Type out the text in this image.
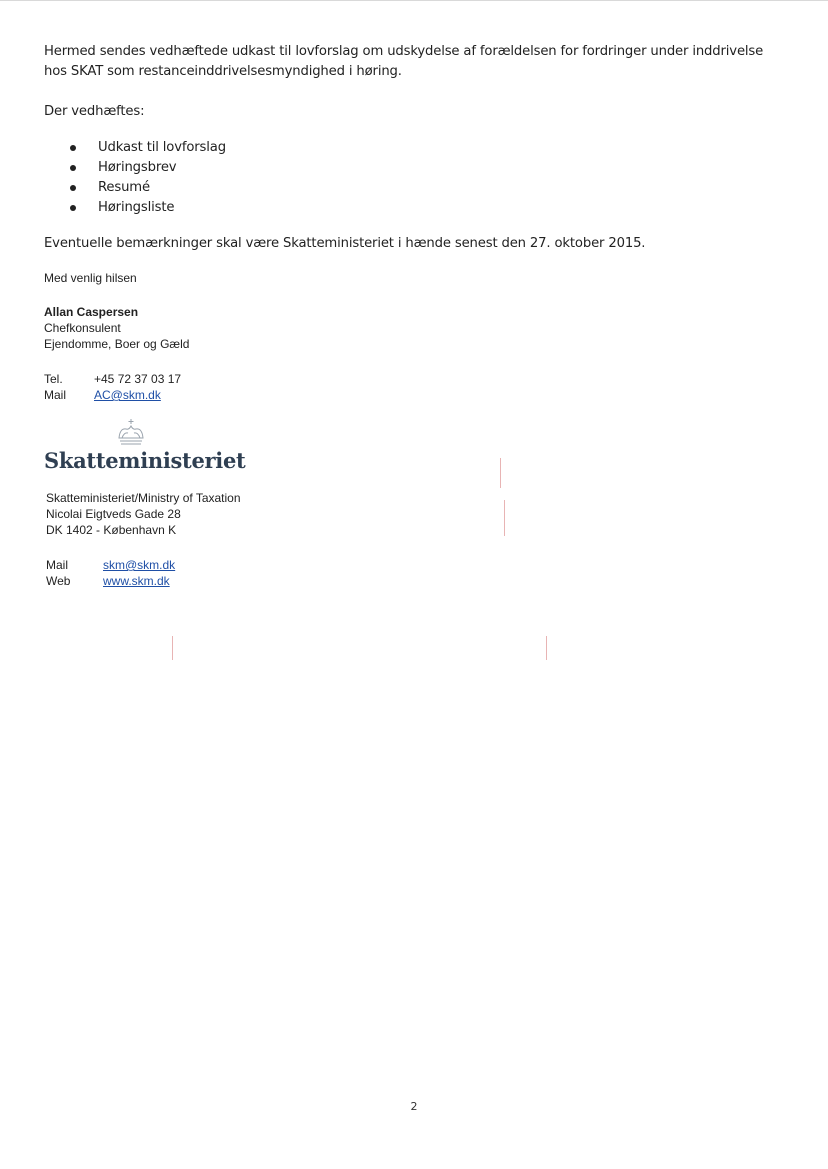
Hermed sendes vedhæftede udkast til lovforslag om udskydelse af forældelsen for fordringer under inddrivelse hos SKAT som restanceinddrivelsesmyndighed i høring.
Der vedhæftes:
Udkast til lovforslag
Høringsbrev
Resumé
Høringsliste
Eventuelle bemærkninger skal være Skatteministeriet i hænde senest den 27. oktober 2015.
Med venlig hilsen
Allan Caspersen
Chefkonsulent
Ejendomme, Boer og Gæld
Tel.	+45 72 37 03 17
Mail AC@skm.dk
Skatteministeriet
Skatteministeriet/Ministry of Taxation
Nicolai Eigtveds Gade 28
DK 1402 - København K
Mail	skm@skm.dk
Web	www.skm.dk
2
